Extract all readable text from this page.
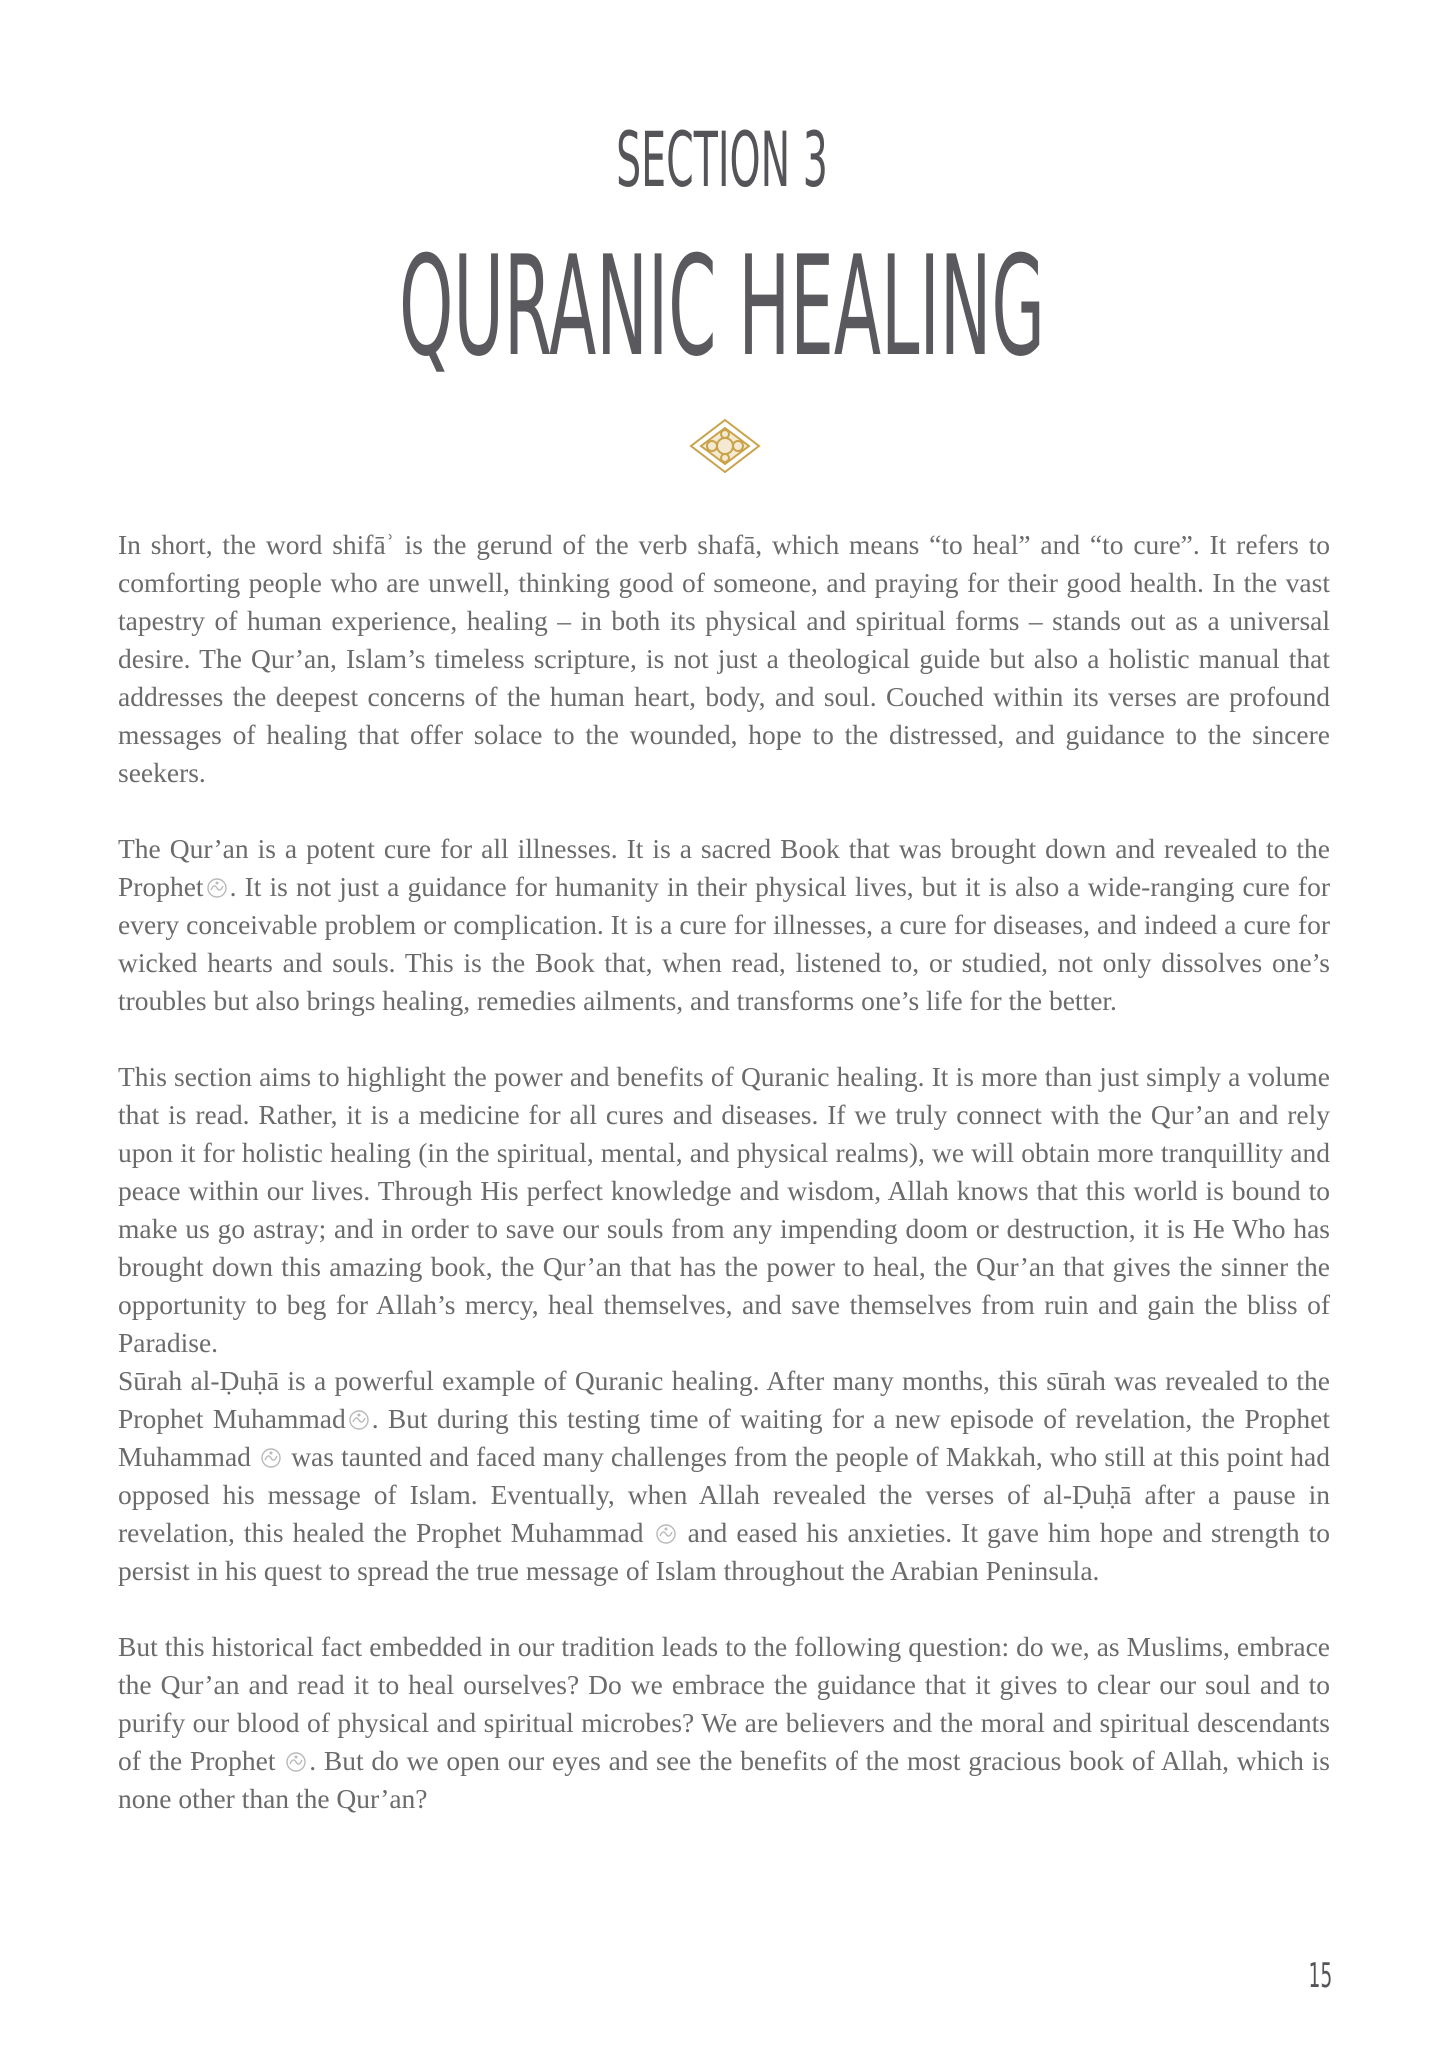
SECTION 3
QURANIC HEALING

In short, the word shifāʾ is the gerund of the verb shafā, which means “to heal” and “to cure”. It refers to comforting people who are unwell, thinking good of someone, and praying for their good health. In the vast tapestry of human experience, healing – in both its physical and spiritual forms – stands out as a universal desire. The Qur’an, Islam’s timeless scripture, is not just a theological guide but also a holistic manual that addresses the deepest concerns of the human heart, body, and soul. Couched within its verses are profound messages of healing that offer solace to the wounded, hope to the distressed, and guidance to the sincere seekers.

The Qur’an is a potent cure for all illnesses. It is a sacred Book that was brought down and revealed to the Prophet . It is not just a guidance for humanity in their physical lives, but it is also a wide-ranging cure for every conceivable problem or complication. It is a cure for illnesses, a cure for diseases, and indeed a cure for wicked hearts and souls. This is the Book that, when read, listened to, or studied, not only dissolves one’s troubles but also brings healing, remedies ailments, and transforms one’s life for the better.

This section aims to highlight the power and benefits of Quranic healing. It is more than just simply a volume that is read. Rather, it is a medicine for all cures and diseases. If we truly connect with the Qur’an and rely upon it for holistic healing (in the spiritual, mental, and physical realms), we will obtain more tranquillity and peace within our lives. Through His perfect knowledge and wisdom, Allah knows that this world is bound to make us go astray; and in order to save our souls from any impending doom or destruction, it is He Who has brought down this amazing book, the Qur’an that has the power to heal, the Qur’an that gives the sinner the opportunity to beg for Allah’s mercy, heal themselves, and save themselves from ruin and gain the bliss of Paradise.

Sūrah al-Ḍuḥā is a powerful example of Quranic healing. After many months, this sūrah was revealed to the Prophet Muhammad . But during this testing time of waiting for a new episode of revelation, the Prophet Muhammad was taunted and faced many challenges from the people of Makkah, who still at this point had opposed his message of Islam. Eventually, when Allah revealed the verses of al-Ḍuḥā after a pause in revelation, this healed the Prophet Muhammad and eased his anxieties. It gave him hope and strength to persist in his quest to spread the true message of Islam throughout the Arabian Peninsula.

But this historical fact embedded in our tradition leads to the following question: do we, as Muslims, embrace the Qur’an and read it to heal ourselves? Do we embrace the guidance that it gives to clear our soul and to purify our blood of physical and spiritual microbes? We are believers and the moral and spiritual descendants of the Prophet . But do we open our eyes and see the benefits of the most gracious book of Allah, which is none other than the Qur’an?

15
